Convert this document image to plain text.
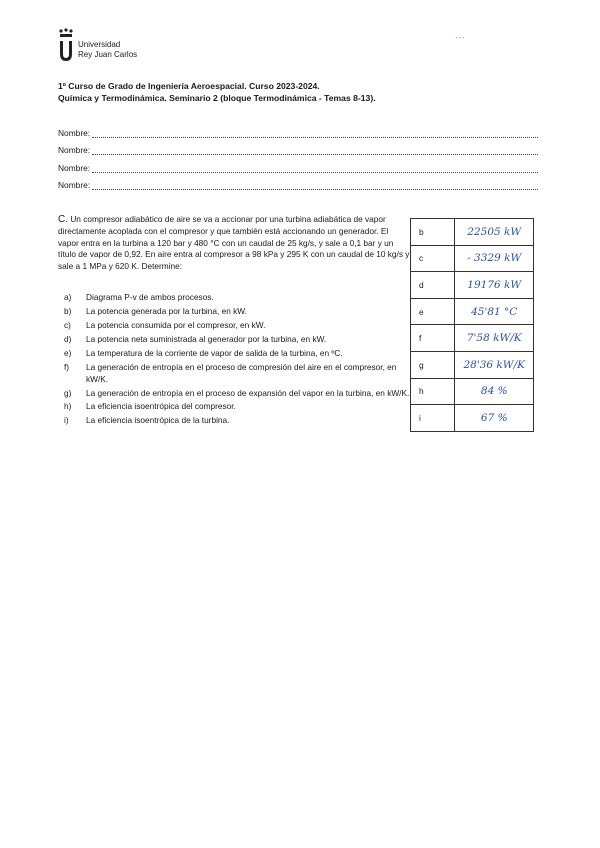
...
Universidad
Rey Juan Carlos
1º Curso de Grado de Ingeniería Aeroespacial. Curso 2023-2024.
Química y Termodinámica. Seminario 2 (bloque Termodinámica - Temas 8-13).
Nombre:
Nombre:
Nombre:
Nombre:
C. Un compresor adiabático de aire se va a accionar por una turbina adiabática de vapor directamente acoplada con el compresor y que también está accionando un generador. El vapor entra en la turbina a 120 bar y 480 °C con un caudal de 25 kg/s, y sale a 0,1 bar y un título de vapor de 0,92. En aire entra al compresor a 98 kPa y 295 K con un caudal de 10 kg/s y sale a 1 MPa y 620 K. Determine:
a)	Diagrama P-v de ambos procesos.
b)	La potencia generada por la turbina, en kW.
c)	La potencia consumida por el compresor, en kW.
d)	La potencia neta suministrada al generador por la turbina, en kW.
e)	La temperatura de la corriente de vapor de salida de la turbina, en ºC.
f)	La generación de entropía en el proceso de compresión del aire en el compresor, en kW/K.
g)	La generación de entropía en el proceso de expansión del vapor en la turbina, en kW/K.
h)	La eficiencia isoentrópica del compresor.
i)	La eficiencia isoentrópica de la turbina.
b	22505 kW
c	- 3329 kW
d	19176 kW
e	45'81 °C
f	7'58 kW/K
g	28'36 kW/K
h	84 %
i	67 %
